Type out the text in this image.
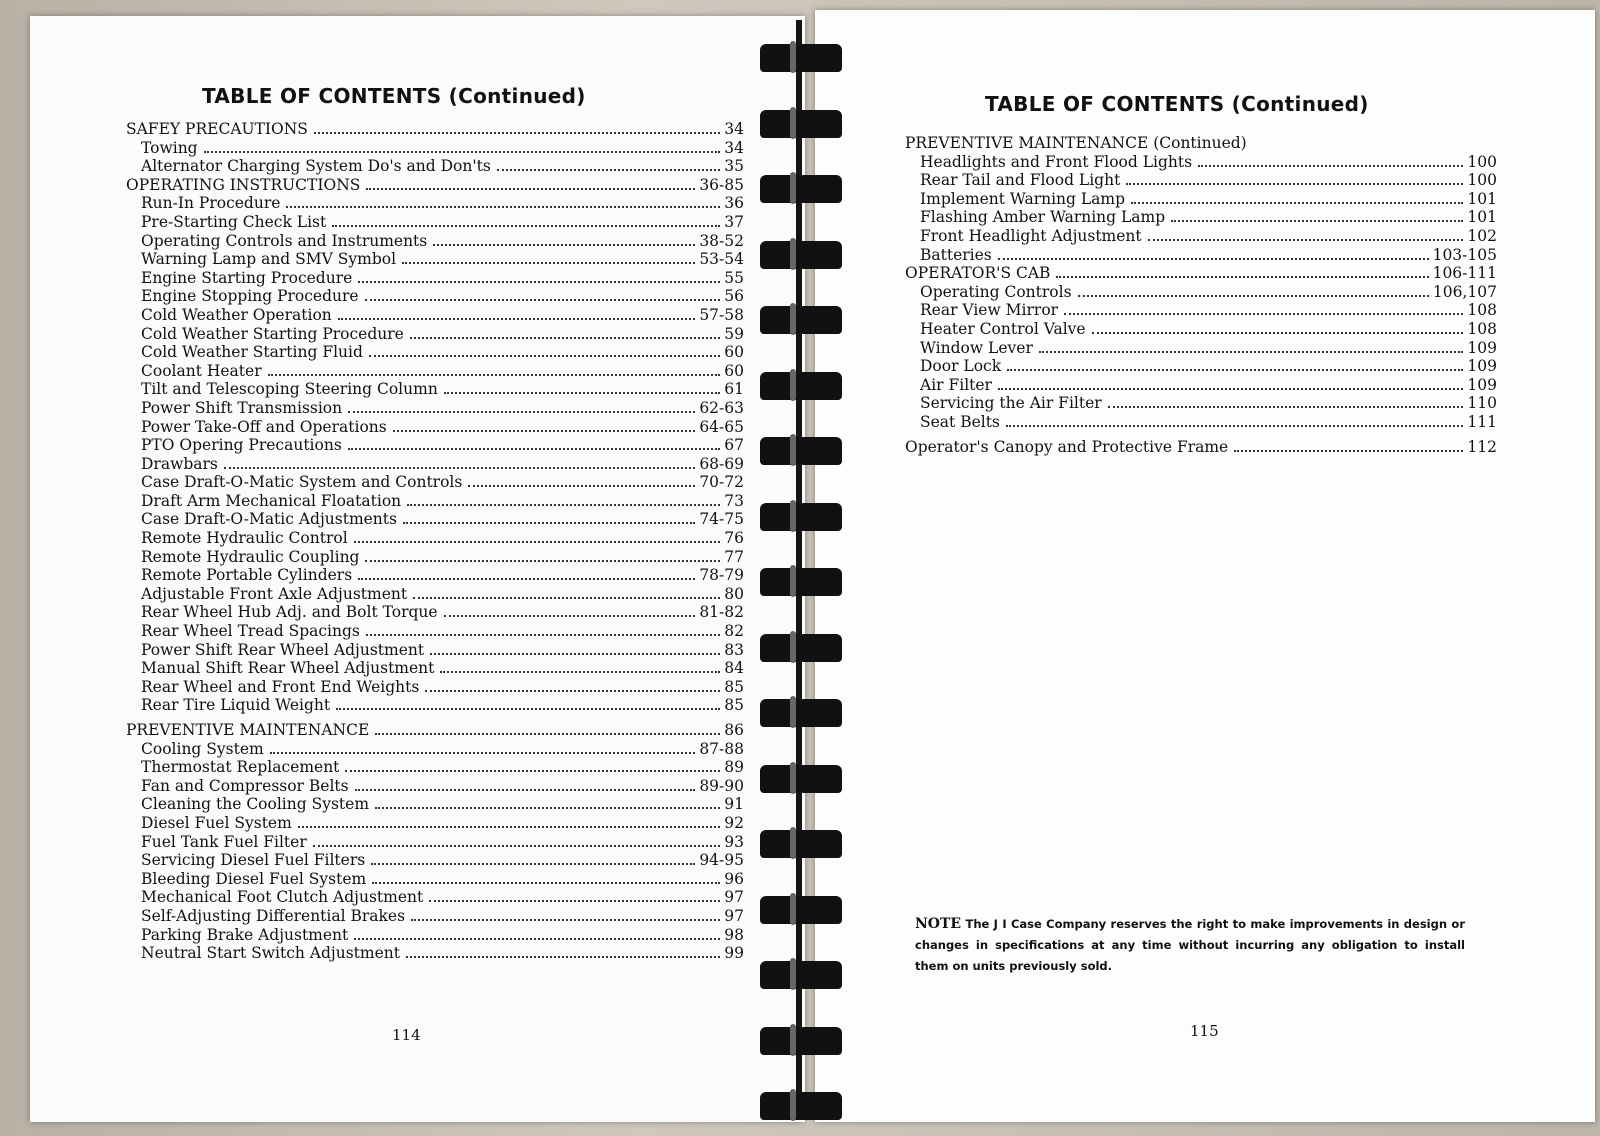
TABLE OF CONTENTS (Continued)
SAFEY PRECAUTIONS	34
Towing	34
Alternator Charging System Do's and Don'ts	35
OPERATING INSTRUCTIONS	36-85
Run-In Procedure	36
Pre-Starting Check List	37
Operating Controls and Instruments	38-52
Warning Lamp and SMV Symbol	53-54
Engine Starting Procedure	55
Engine Stopping Procedure	56
Cold Weather Operation	57-58
Cold Weather Starting Procedure	59
Cold Weather Starting Fluid	60
Coolant Heater	60
Tilt and Telescoping Steering Column	61
Power Shift Transmission	62-63
Power Take-Off and Operations	64-65
PTO Opering Precautions	67
Drawbars	68-69
Case Draft-O-Matic System and Controls	70-72
Draft Arm Mechanical Floatation	73
Case Draft-O-Matic Adjustments	74-75
Remote Hydraulic Control	76
Remote Hydraulic Coupling	77
Remote Portable Cylinders	78-79
Adjustable Front Axle Adjustment	80
Rear Wheel Hub Adj. and Bolt Torque	81-82
Rear Wheel Tread Spacings	82
Power Shift Rear Wheel Adjustment	83
Manual Shift Rear Wheel Adjustment	84
Rear Wheel and Front End Weights	85
Rear Tire Liquid Weight	85
PREVENTIVE MAINTENANCE	86
Cooling System	87-88
Thermostat Replacement	89
Fan and Compressor Belts	89-90
Cleaning the Cooling System	91
Diesel Fuel System	92
Fuel Tank Fuel Filter	93
Servicing Diesel Fuel Filters	94-95
Bleeding Diesel Fuel System	96
Mechanical Foot Clutch Adjustment	97
Self-Adjusting Differential Brakes	97
Parking Brake Adjustment	98
Neutral Start Switch Adjustment	99
114
TABLE OF CONTENTS (Continued)
PREVENTIVE MAINTENANCE (Continued)
Headlights and Front Flood Lights	100
Rear Tail and Flood Light	100
Implement Warning Lamp	101
Flashing Amber Warning Lamp	101
Front Headlight Adjustment	102
Batteries	103-105
OPERATOR'S CAB	106-111
Operating Controls	106,107
Rear View Mirror	108
Heater Control Valve	108
Window Lever	109
Door Lock	109
Air Filter	109
Servicing the Air Filter	110
Seat Belts	111
Operator's Canopy and Protective Frame	112
NOTE The J I Case Company reserves the right to make improvements in design or changes in specifications at any time without incurring any obligation to install them on units previously sold.
115
